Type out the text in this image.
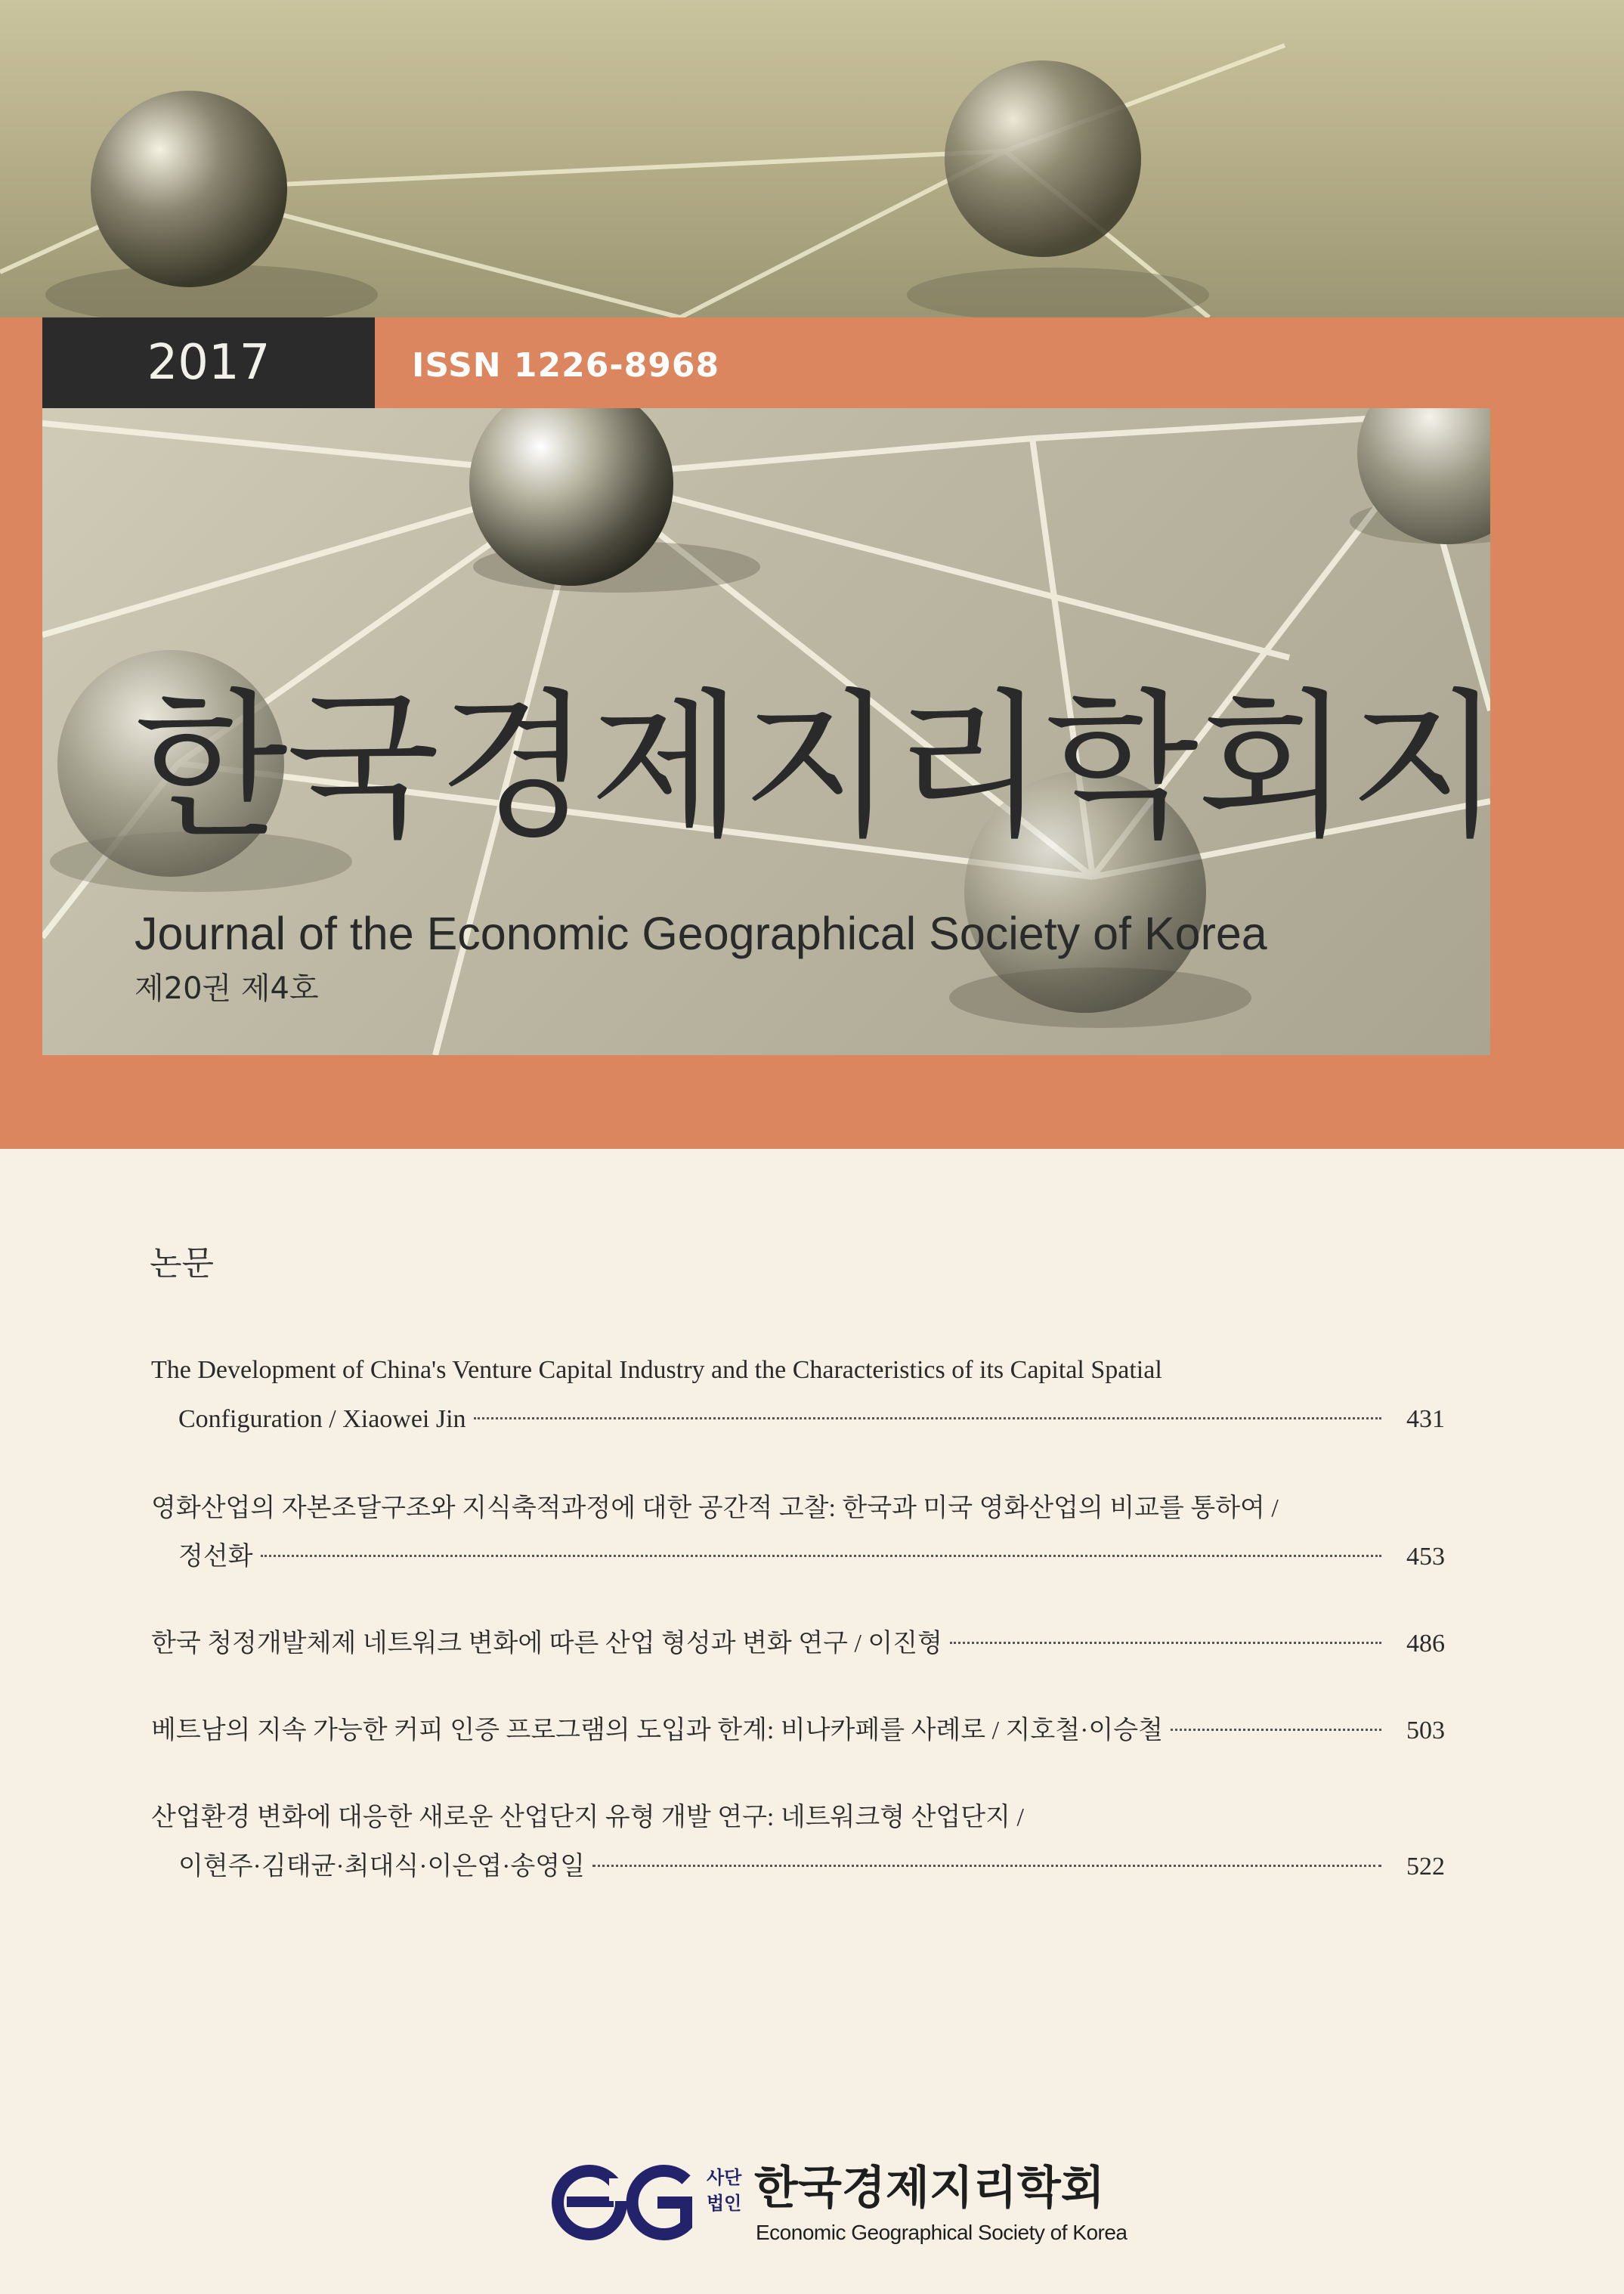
2017	ISSN 1226-8968
한국경제지리학회지
Journal of the Economic Geographical Society of Korea
제20권 제4호
논문
The Development of China's Venture Capital Industry and the Characteristics of its Capital Spatial
Configuration / Xiaowei Jin	431
영화산업의 자본조달구조와 지식축적과정에 대한 공간적 고찰: 한국과 미국 영화산업의 비교를 통하여 /
정선화	453
한국 청정개발체제 네트워크 변화에 따른 산업 형성과 변화 연구 / 이진형	486
베트남의 지속 가능한 커피 인증 프로그램의 도입과 한계: 비나카페를 사례로 / 지호철·이승철	503
산업환경 변화에 대응한 새로운 산업단지 유형 개발 연구: 네트워크형 산업단지 /
이현주·김태균·최대식·이은엽·송영일	522
사단
법인 한국경제지리학회
Economic Geographical Society of Korea
